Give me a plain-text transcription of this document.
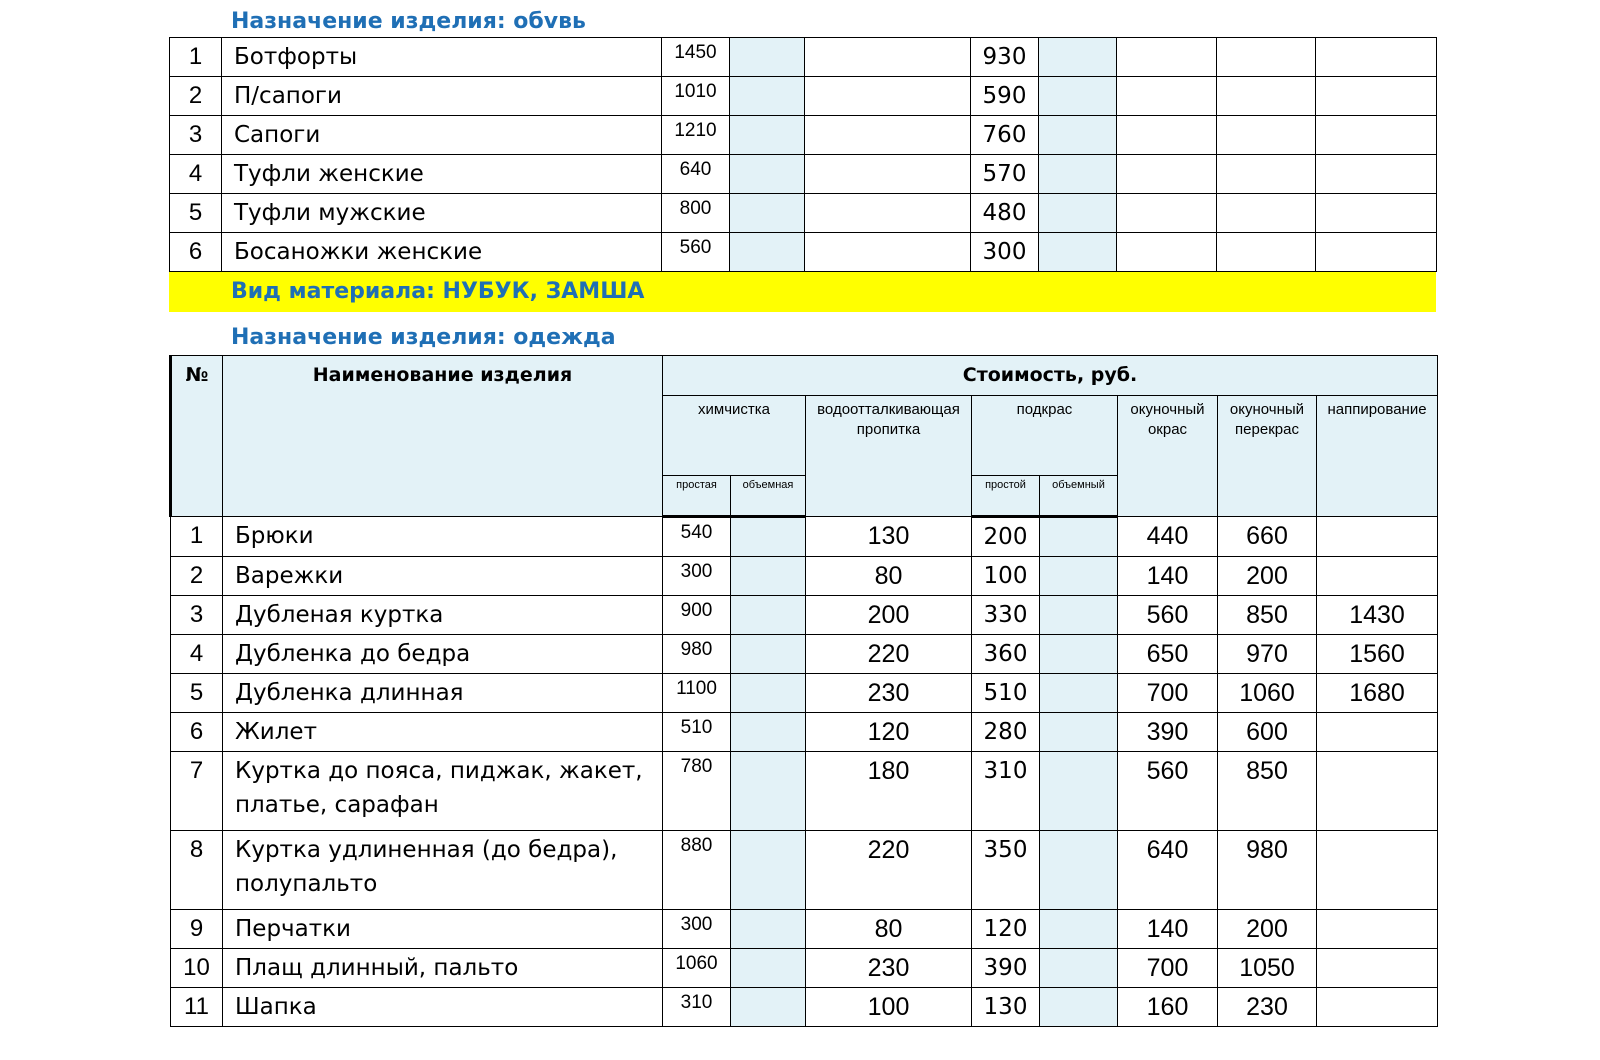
Назначение изделия: обvвь
1	Ботфорты	1450			930				
2	П/сапоги	1010			590				
3	Сапоги	1210			760				
4	Туфли женские	640			570				
5	Туфли мужские	800			480				
6	Босаножки женские	560			300				
Вид материала: НУБУК, ЗАМША
Назначение изделия: одежда
№	Наименование изделия	Стоимость, руб.							
		химчистка		водоотталкивающая пропитка	подкрас		окуночный окрас	окуночный перекрас	наппирование
		простая	объемная		простой	объемный			
1	Брюки	540		130	200		440	660	
2	Варежки	300		80	100		140	200	
3	Дубленая куртка	900		200	330		560	850	1430
4	Дубленка до бедра	980		220	360		650	970	1560
5	Дубленка длинная	1100		230	510		700	1060	1680
6	Жилет	510		120	280		390	600	
7	Куртка до пояса, пиджак, жакет, платье, сарафан	780		180	310		560	850	
8	Куртка удлиненная (до бедра), полупальто	880		220	350		640	980	
9	Перчатки	300		80	120		140	200	
10	Плащ длинный, пальто	1060		230	390		700	1050	
11	Шапка	310		100	130		160	230	
